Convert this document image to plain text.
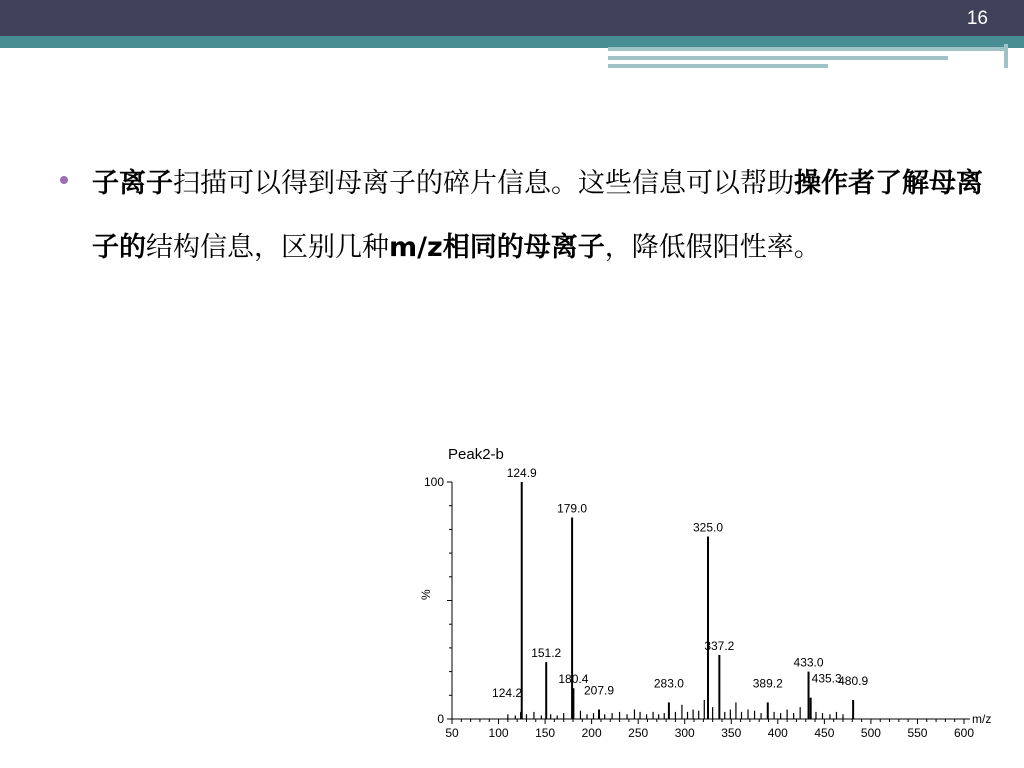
16
子离子扫描可以得到母离子的碎片信息。这些信息可以帮助操作者了解母离子的结构信息，区别几种m/z相同的母离子，降低假阳性率。
Peak2-b
%
m/z
50 100 150 200 250 300 350 400 450 500 550 600
0
100
124.9
179.0
325.0
151.2
180.4
337.2
433.0
124.2	207.9
283.0	389.2 435.3
480.9
